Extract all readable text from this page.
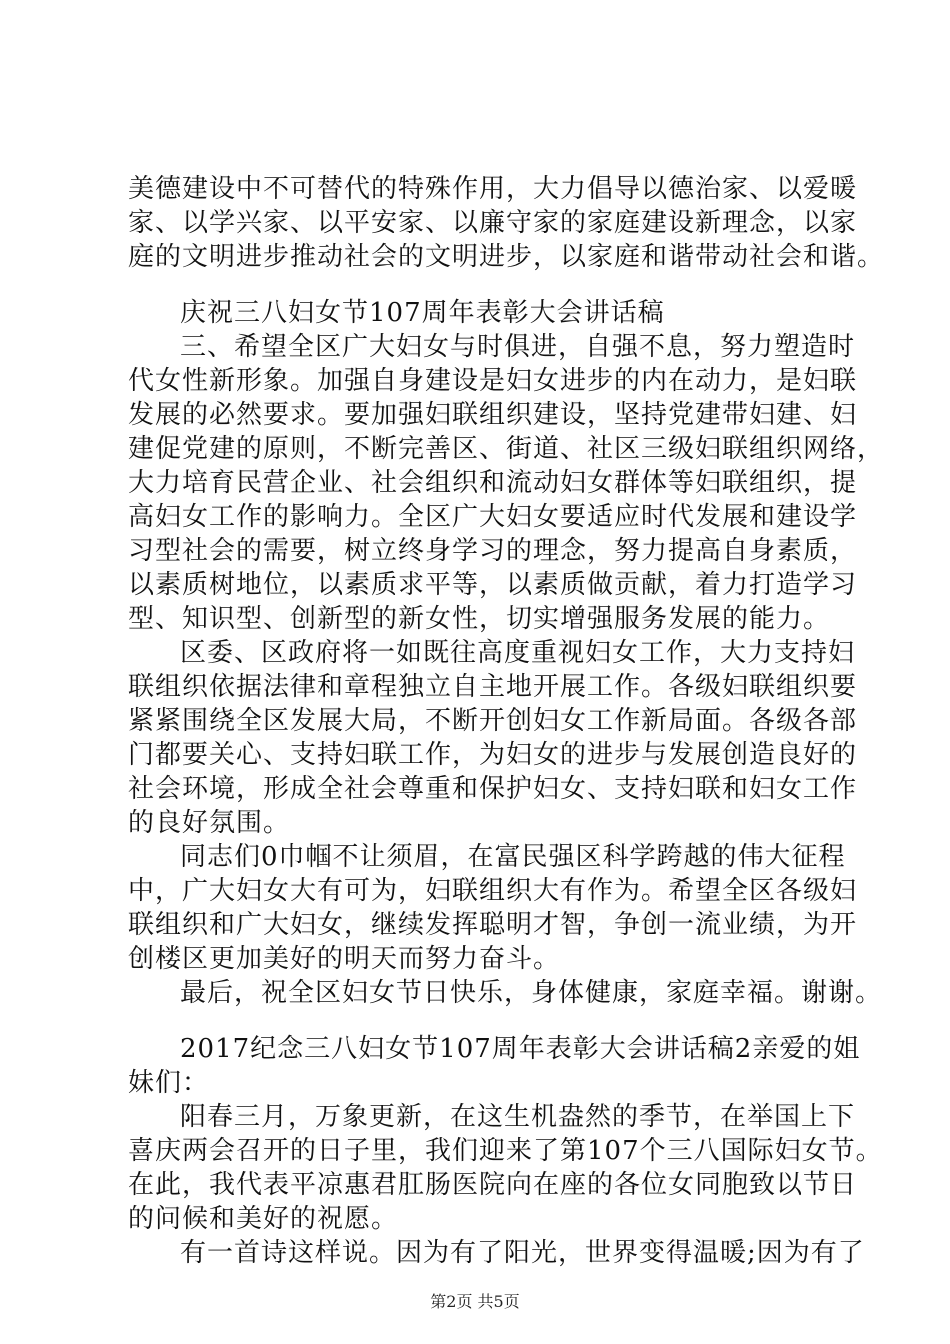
美德建设中不可替代的特殊作用，大力倡导以德治家、以爱暖
家、以学兴家、以平安家、以廉守家的家庭建设新理念，以家
庭的文明进步推动社会的文明进步，以家庭和谐带动社会和谐。
庆祝三八妇女节107周年表彰大会讲话稿
三、希望全区广大妇女与时俱进，自强不息，努力塑造时
代女性新形象。加强自身建设是妇女进步的内在动力，是妇联
发展的必然要求。要加强妇联组织建设，坚持党建带妇建、妇
建促党建的原则，不断完善区、街道、社区三级妇联组织网络，
大力培育民营企业、社会组织和流动妇女群体等妇联组织，提
高妇女工作的影响力。全区广大妇女要适应时代发展和建设学
习型社会的需要，树立终身学习的理念，努力提高自身素质，
以素质树地位，以素质求平等，以素质做贡献，着力打造学习
型、知识型、创新型的新女性，切实增强服务发展的能力。
区委、区政府将一如既往高度重视妇女工作，大力支持妇
联组织依据法律和章程独立自主地开展工作。各级妇联组织要
紧紧围绕全区发展大局，不断开创妇女工作新局面。各级各部
门都要关心、支持妇联工作，为妇女的进步与发展创造良好的
社会环境，形成全社会尊重和保护妇女、支持妇联和妇女工作
的良好氛围。
同志们0巾帼不让须眉，在富民强区科学跨越的伟大征程
中，广大妇女大有可为，妇联组织大有作为。希望全区各级妇
联组织和广大妇女，继续发挥聪明才智，争创一流业绩，为开
创楼区更加美好的明天而努力奋斗。
最后，祝全区妇女节日快乐，身体健康，家庭幸福。谢谢。
2017纪念三八妇女节107周年表彰大会讲话稿2亲爱的姐
妹们：
阳春三月，万象更新，在这生机盎然的季节，在举国上下
喜庆两会召开的日子里，我们迎来了第107个三八国际妇女节。
在此，我代表平凉惠君肛肠医院向在座的各位女同胞致以节日
的问候和美好的祝愿。
有一首诗这样说。因为有了阳光，世界变得温暖;因为有了
第2页 共5页
